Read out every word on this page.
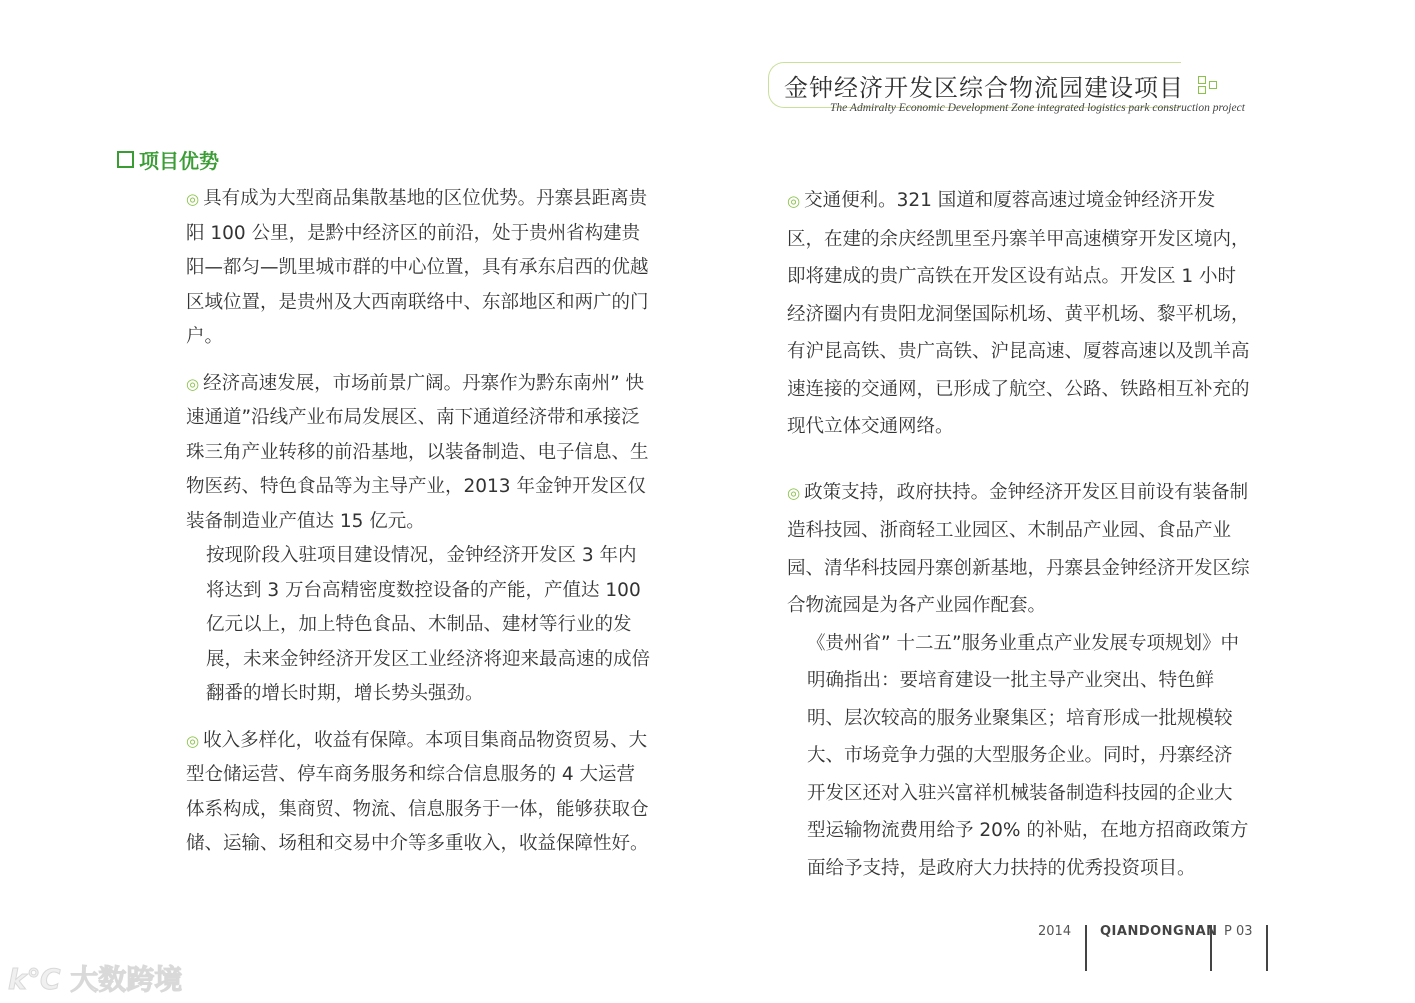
金钟经济开发区综合物流园建设项目
The Admiralty Economic Development Zone integrated logistics park construction project
项目优势

◎ 具有成为大型商品集散基地的区位优势。丹寨县距离贵阳 100 公里，是黔中经济区的前沿，处于贵州省构建贵阳—都匀—凯里城市群的中心位置，具有承东启西的优越区域位置，是贵州及大西南联络中、东部地区和两广的门户。

◎ 经济高速发展，市场前景广阔。丹寨作为黔东南州” 快速通道”沿线产业布局发展区、南下通道经济带和承接泛珠三角产业转移的前沿基地，以装备制造、电子信息、生物医药、特色食品等为主导产业，2013 年金钟开发区仅装备制造业产值达 15 亿元。

按现阶段入驻项目建设情况，金钟经济开发区 3 年内将达到 3 万台高精密度数控设备的产能，产值达 100 亿元以上，加上特色食品、木制品、建材等行业的发展，未来金钟经济开发区工业经济将迎来最高速的成倍翻番的增长时期，增长势头强劲。

◎ 收入多样化，收益有保障。本项目集商品物资贸易、大型仓储运营、停车商务服务和综合信息服务的 4 大运营体系构成，集商贸、物流、信息服务于一体，能够获取仓储、运输、场租和交易中介等多重收入，收益保障性好。

◎ 交通便利。321 国道和厦蓉高速过境金钟经济开发区，在建的余庆经凯里至丹寨羊甲高速横穿开发区境内，即将建成的贵广高铁在开发区设有站点。开发区 1 小时经济圈内有贵阳龙洞堡国际机场、黄平机场、黎平机场，有沪昆高铁、贵广高铁、沪昆高速、厦蓉高速以及凯羊高速连接的交通网，已形成了航空、公路、铁路相互补充的现代立体交通网络。

◎ 政策支持，政府扶持。金钟经济开发区目前设有装备制造科技园、浙商轻工业园区、木制品产业园、食品产业园、清华科技园丹寨创新基地，丹寨县金钟经济开发区综合物流园是为各产业园作配套。

《贵州省” 十二五”服务业重点产业发展专项规划》中明确指出：要培育建设一批主导产业突出、特色鲜明、层次较高的服务业聚集区；培育形成一批规模较大、市场竞争力强的大型服务企业。同时，丹寨经济开发区还对入驻兴富祥机械装备制造科技园的企业大型运输物流费用给予 20% 的补贴，在地方招商政策方面给予支持，是政府大力扶持的优秀投资项目。

2014 QIANDONGNAN P 03
k℃ 大数跨境
